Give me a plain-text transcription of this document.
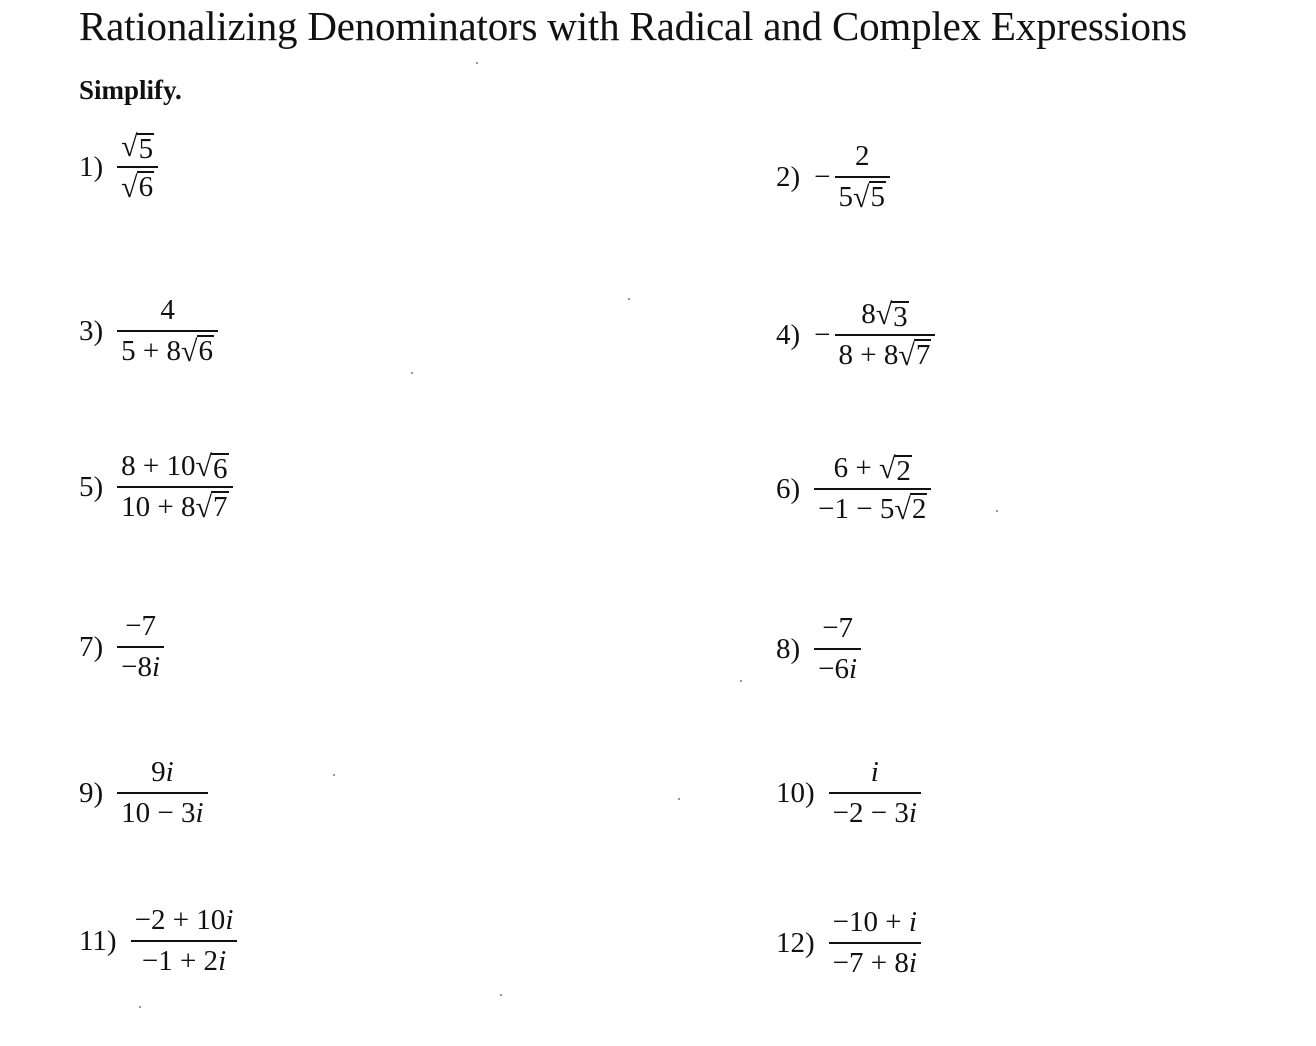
Rationalizing Denominators with Radical and Complex Expressions
Simplify.
$1) \frac{√ 5}{√ 6}$	$2) - \frac{2}{5 √ 5}$
$3) \frac{4}{5 + 8 √ 6}$	$4) - \frac{8 √ 3}{8 + 8 √ 7}$
$5) \frac{8 + 10 √ 6}{10 + 8 √ 7}$	$6) \frac{6 + √ 2}{-1 - 5 √ 2}$
$7) \frac{-7}{-8 i}$	$8) \frac{-7}{-6 i}$
$9) \frac{9 i}{10 - 3 i}$	$10) \frac{i}{-2 - 3 i}$
$11) \frac{-2 + 10 i}{-1 + 2 i}$	$12) \frac{-10 + i}{-7 + 8 i}$
